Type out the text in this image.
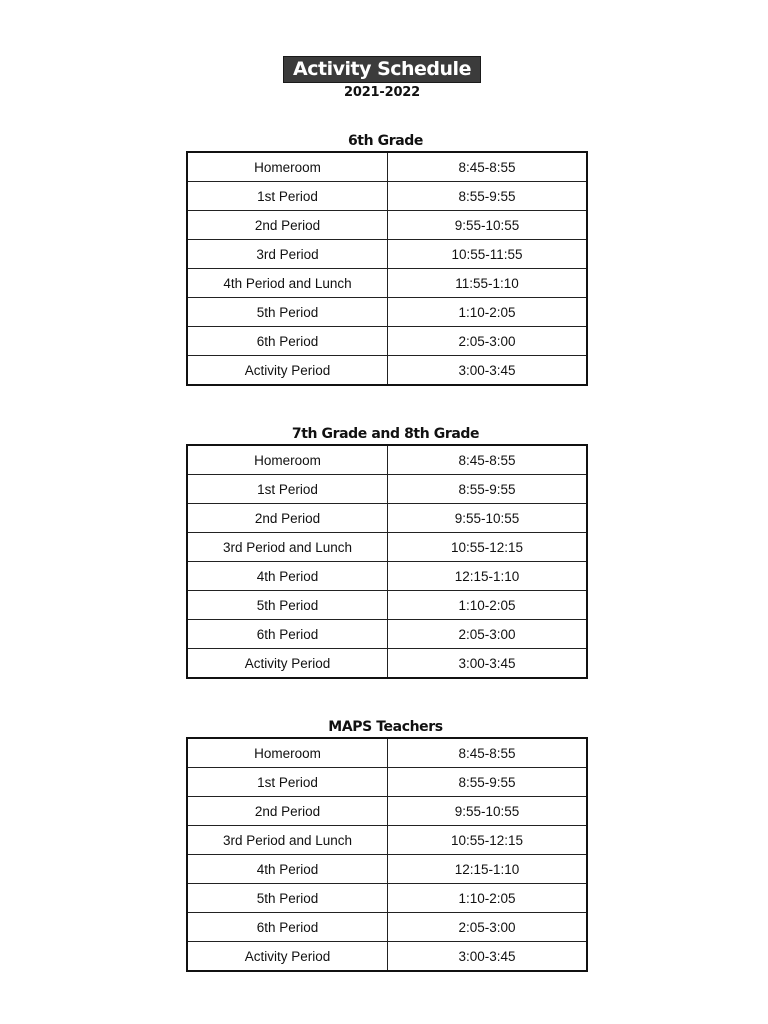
Activity Schedule
2021-2022
6th Grade
Homeroom	8:45-8:55
1st Period	8:55-9:55
2nd Period	9:55-10:55
3rd Period	10:55-11:55
4th Period and Lunch	11:55-1:10
5th Period	1:10-2:05
6th Period	2:05-3:00
Activity Period	3:00-3:45
7th Grade and 8th Grade
Homeroom	8:45-8:55
1st Period	8:55-9:55
2nd Period	9:55-10:55
3rd Period and Lunch	10:55-12:15
4th Period	12:15-1:10
5th Period	1:10-2:05
6th Period	2:05-3:00
Activity Period	3:00-3:45
MAPS Teachers
Homeroom	8:45-8:55
1st Period	8:55-9:55
2nd Period	9:55-10:55
3rd Period and Lunch	10:55-12:15
4th Period	12:15-1:10
5th Period	1:10-2:05
6th Period	2:05-3:00
Activity Period	3:00-3:45
